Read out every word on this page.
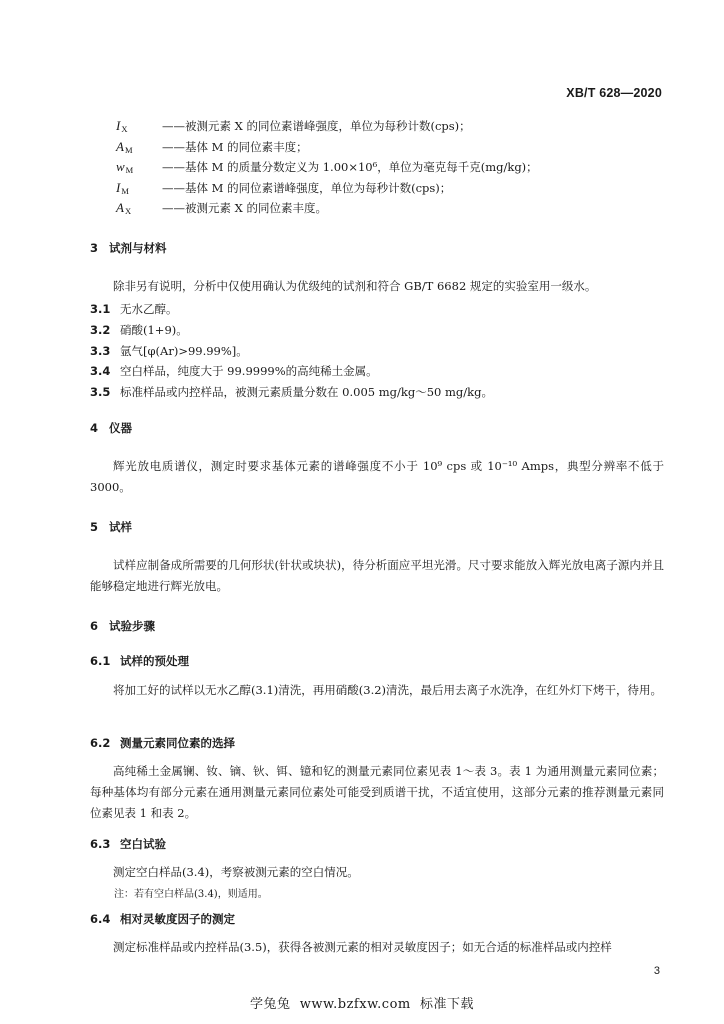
XB/T 628—2020
$I_X$	——被测元素 X 的同位素谱峰强度，单位为每秒计数(cps)；
$A_M$	——基体 M 的同位素丰度；
$w_M$	——基体 M 的质量分数定义为 1.00×10⁶，单位为毫克每千克(mg/kg)；
$I_M$	——基体 M 的同位素谱峰强度，单位为每秒计数(cps)；
$A_X$	——被测元素 X 的同位素丰度。
3 试剂与材料
除非另有说明，分析中仅使用确认为优级纯的试剂和符合 GB/T 6682 规定的实验室用一级水。
3.1 无水乙醇。
3.2 硝酸(1+9)。
3.3 氩气[φ(Ar)>99.99%]。
3.4 空白样品，纯度大于 99.9999%的高纯稀土金属。
3.5 标准样品或内控样品，被测元素质量分数在 0.005 mg/kg～50 mg/kg。
4 仪器
辉光放电质谱仪，测定时要求基体元素的谱峰强度不小于 10⁹ cps 或 10⁻¹⁰ Amps，典型分辨率不低于3000。
5 试样
试样应制备成所需要的几何形状(针状或块状)，待分析面应平坦光滑。尺寸要求能放入辉光放电离子源内并且能够稳定地进行辉光放电。
6 试验步骤
6.1 试样的预处理
将加工好的试样以无水乙醇(3.1)清洗，再用硝酸(3.2)清洗，最后用去离子水洗净，在红外灯下烤干，待用。
6.2 测量元素同位素的选择
高纯稀土金属镧、钕、镝、钬、铒、镱和钇的测量元素同位素见表 1～表 3。表 1 为通用测量元素同位素；每种基体均有部分元素在通用测量元素同位素处可能受到质谱干扰，不适宜使用，这部分元素的推荐测量元素同位素见表 1 和表 2。
6.3 空白试验
测定空白样品(3.4)，考察被测元素的空白情况。
注：若有空白样品(3.4)，则适用。
6.4 相对灵敏度因子的测定
测定标准样品或内控样品(3.5)，获得各被测元素的相对灵敏度因子；如无合适的标准样品或内控样
3
学兔兔  www.bzfxw.com  标准下载
